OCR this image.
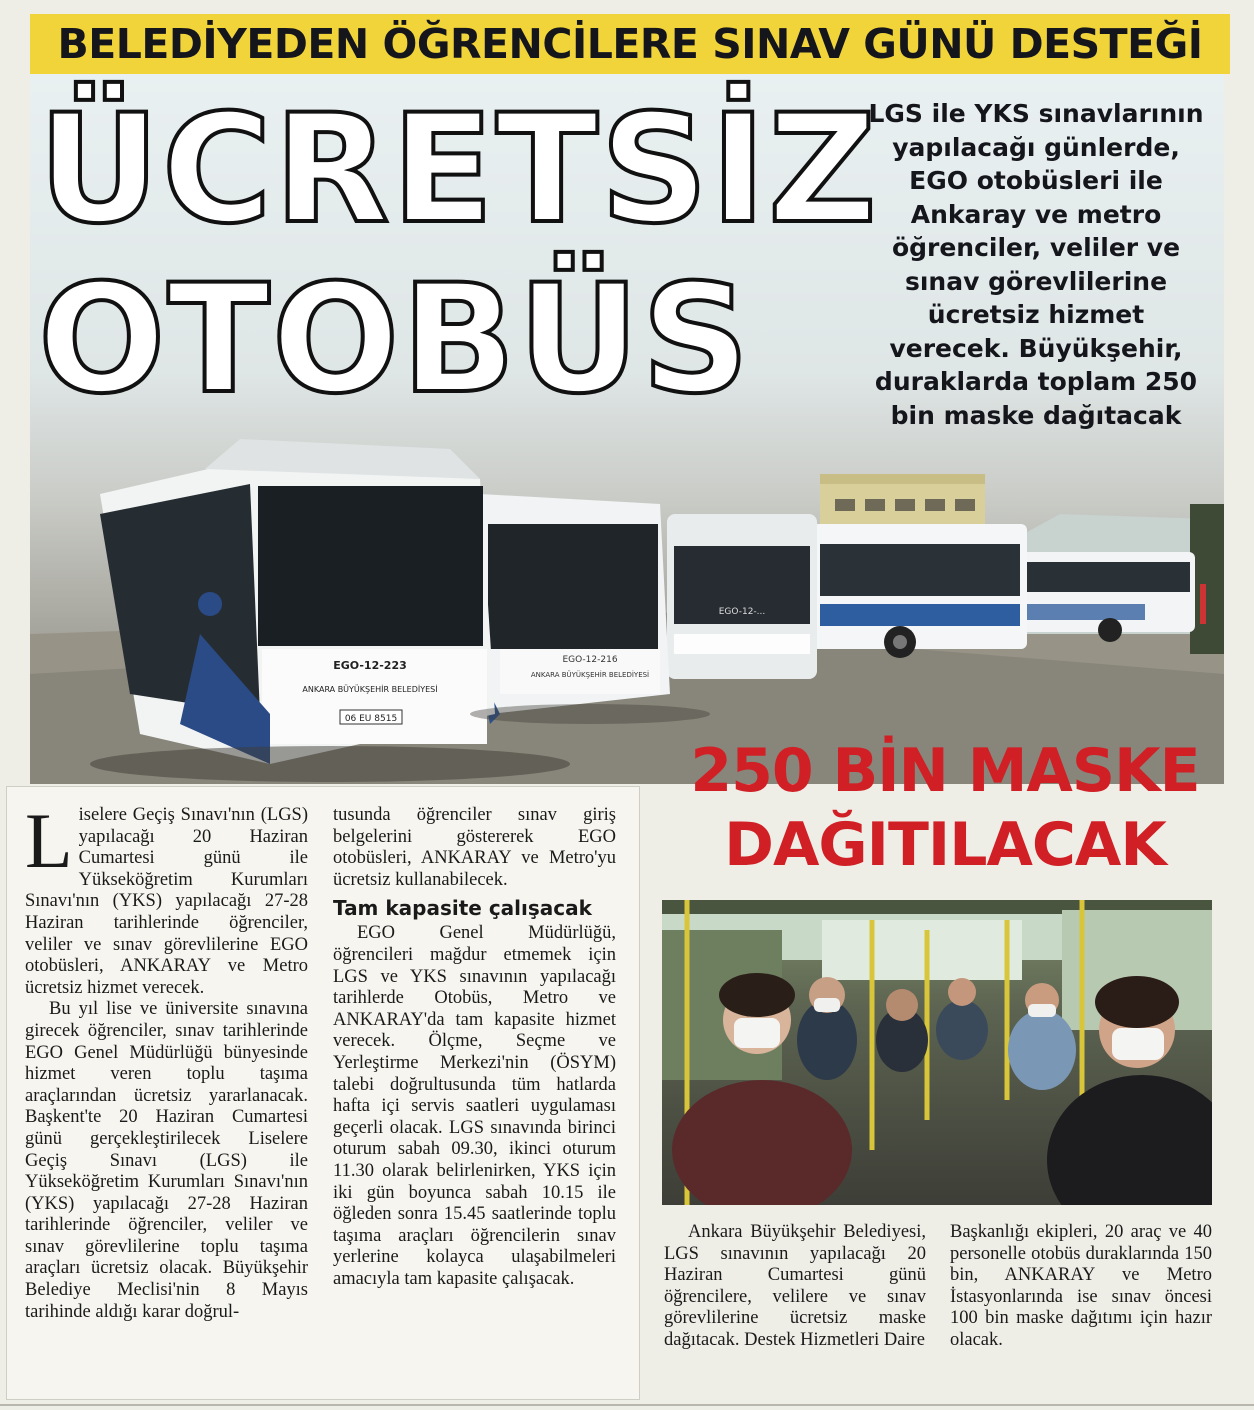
BELEDİYEDEN ÖĞRENCİLERE SINAV GÜNÜ DESTEĞİ
EGO-12-...
EGO-12-216
ANKARA BÜYÜKŞEHİR BELEDİYESİ
EGO-12-223
ANKARA BÜYÜKŞEHİR BELEDİYESİ
06 EU 8515
ÜCRETSİZ
OTOBÜS

LGS ile YKS sınavlarının
yapılacağı günlerde,
EGO otobüsleri ile
Ankaray ve metro
öğrenciler, veliler ve
sınav görevlilerine
ücretsiz hizmet
verecek. Büyükşehir,
duraklarda toplam 250
bin maske dağıtacak

Liselere Geçiş Sınavı'nın (LGS) yapılacağı 20 Haziran Cumartesi günü ile Yükseköğretim Kurumları Sınavı'nın (YKS) yapılacağı 27-28 Haziran tarihlerinde öğrenciler, veliler ve sınav görevlilerine EGO otobüsleri, ANKARAY ve Metro ücretsiz hizmet verecek.

Bu yıl lise ve üniversite sınavına girecek öğrenciler, sınav tarihlerinde EGO Genel Müdürlüğü bünyesinde hizmet veren toplu taşıma araçlarından ücretsiz yararlanacak. Başkent'te 20 Haziran Cumartesi günü gerçekleştirilecek Liselere Geçiş Sınavı (LGS) ile Yükseköğretim Kurumları Sınavı'nın (YKS) yapılacağı 27-28 Haziran tarihlerinde öğrenciler, veliler ve sınav görevlilerine toplu taşıma araçları ücretsiz olacak. Büyükşehir Belediye Meclisi'nin 8 Mayıs tarihinde aldığı karar doğrul-

tusunda öğrenciler sınav giriş belgelerini göstererek EGO otobüsleri, ANKARAY ve Metro'yu ücretsiz kullanabilecek.

Tam kapasite çalışacak

EGO Genel Müdürlüğü, öğrencileri mağdur etmemek için LGS ve YKS sınavının yapılacağı tarihlerde Otobüs, Metro ve ANKARAY'da tam kapasite hizmet verecek. Ölçme, Seçme ve Yerleştirme Merkezi'nin (ÖSYM) talebi doğrultusunda tüm hatlarda hafta içi servis saatleri uygulaması geçerli olacak. LGS sınavında birinci oturum sabah 09.30, ikinci oturum 11.30 olarak belirlenirken, YKS için iki gün boyunca sabah 10.15 ile öğleden sonra 15.45 saatlerinde toplu taşıma araçları öğrencilerin sınav yerlerine kolayca ulaşabilmeleri amacıyla tam kapasite çalışacak.

250 BİN MASKE
DAĞITILACAK

Ankara Büyükşehir Belediyesi, LGS sınavının yapılacağı 20 Haziran Cumartesi günü öğrencilere, velilere ve sınav görevlilerine ücretsiz maske dağıtacak. Destek Hizmetleri Daire

Başkanlığı ekipleri, 20 araç ve 40 personelle otobüs duraklarında 150 bin, ANKARAY ve Metro İstasyonlarında ise sınav öncesi 100 bin maske dağıtımı için hazır olacak.
